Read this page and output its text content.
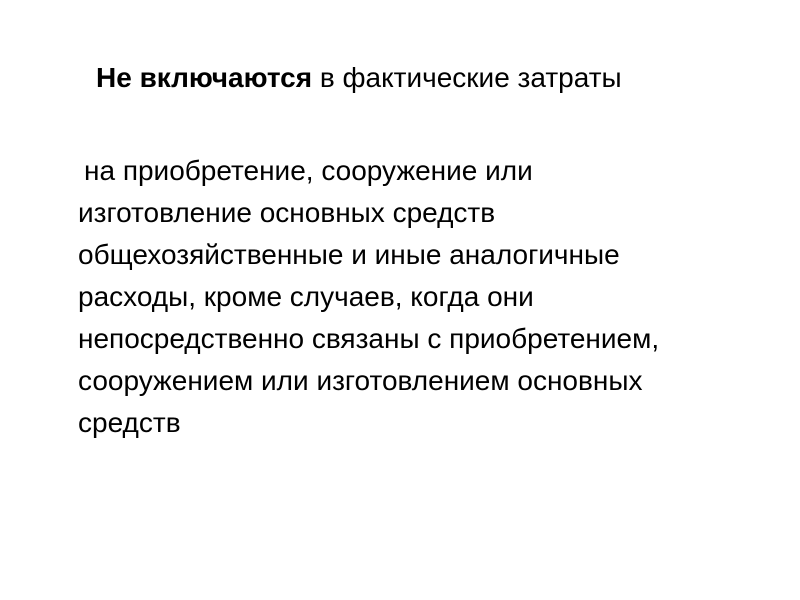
Не включаются в фактические затраты
на приобретение, сооружение или
изготовление основных средств
общехозяйственные и иные аналогичные
расходы, кроме случаев, когда они
непосредственно связаны с приобретением,
сооружением или изготовлением основных
средств
